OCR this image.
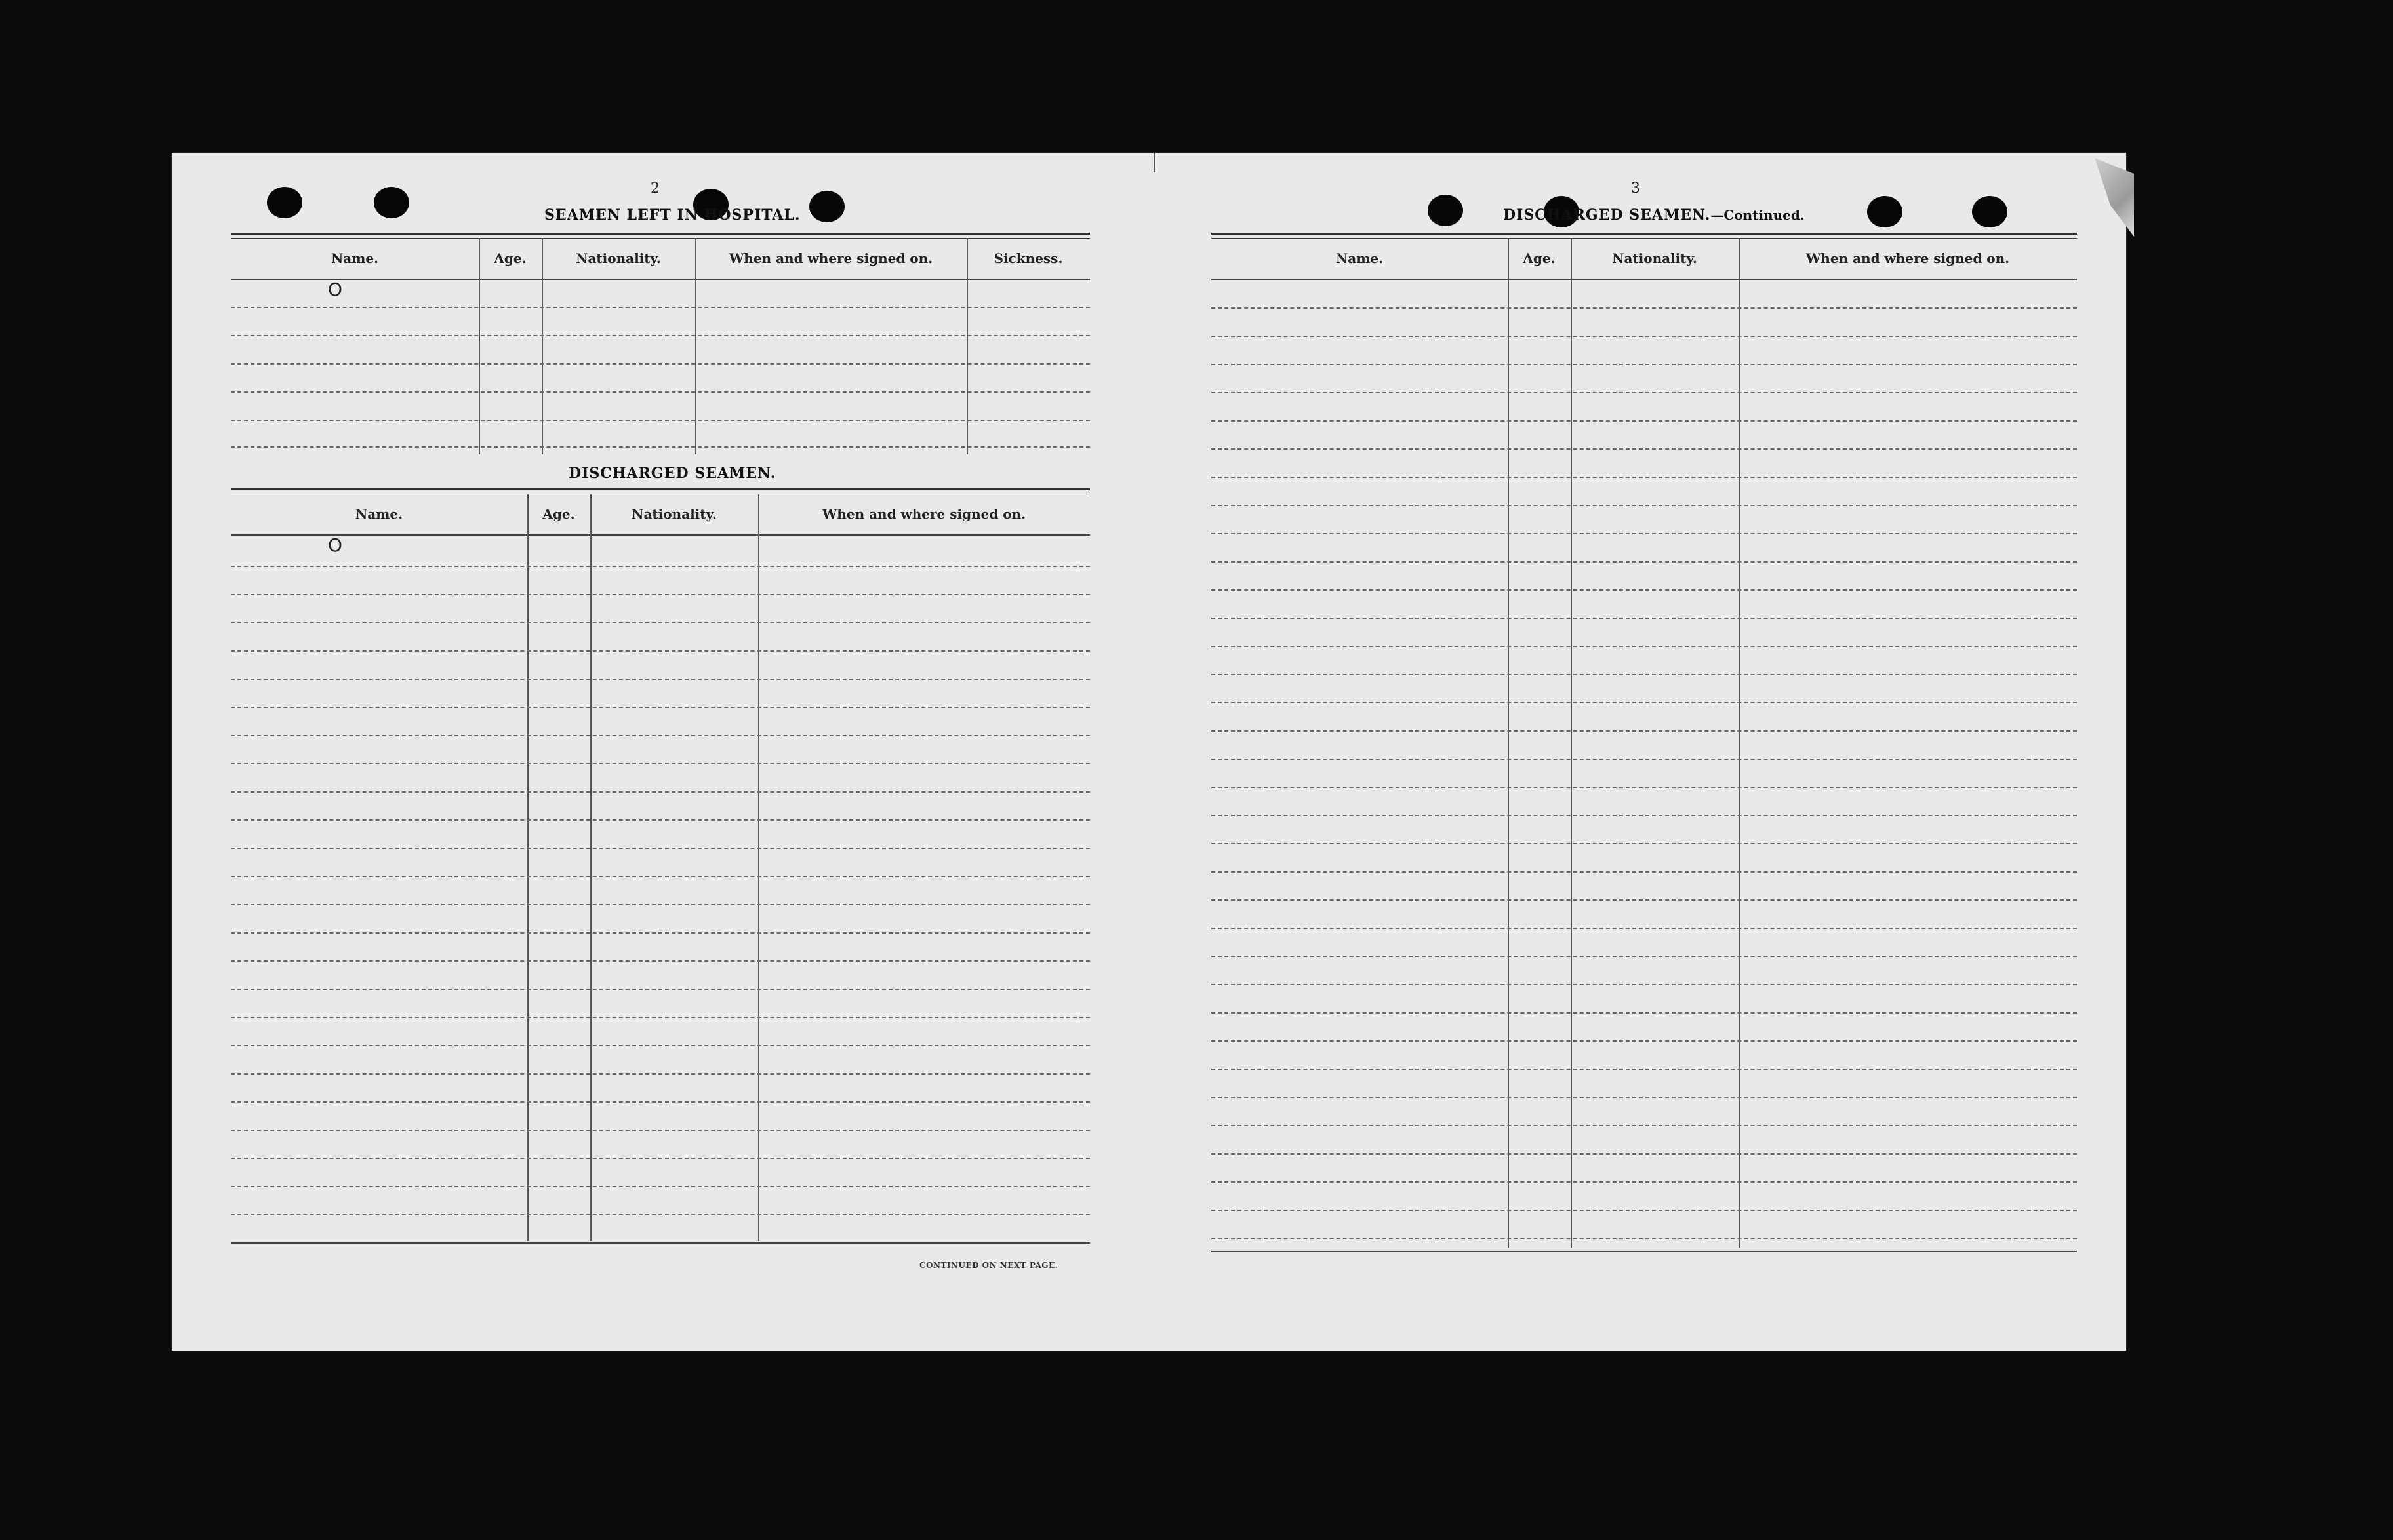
2
SEAMEN LEFT IN HOSPITAL.
Name.	Age.	Nationality.	When and where signed on.	Sickness.
O
DISCHARGED SEAMEN.
Name.	Age.	Nationality.	When and where signed on.
O
CONTINUED ON NEXT PAGE.
3
DISCHARGED SEAMEN.—Continued.
Name.	Age.	Nationality.	When and where signed on.
